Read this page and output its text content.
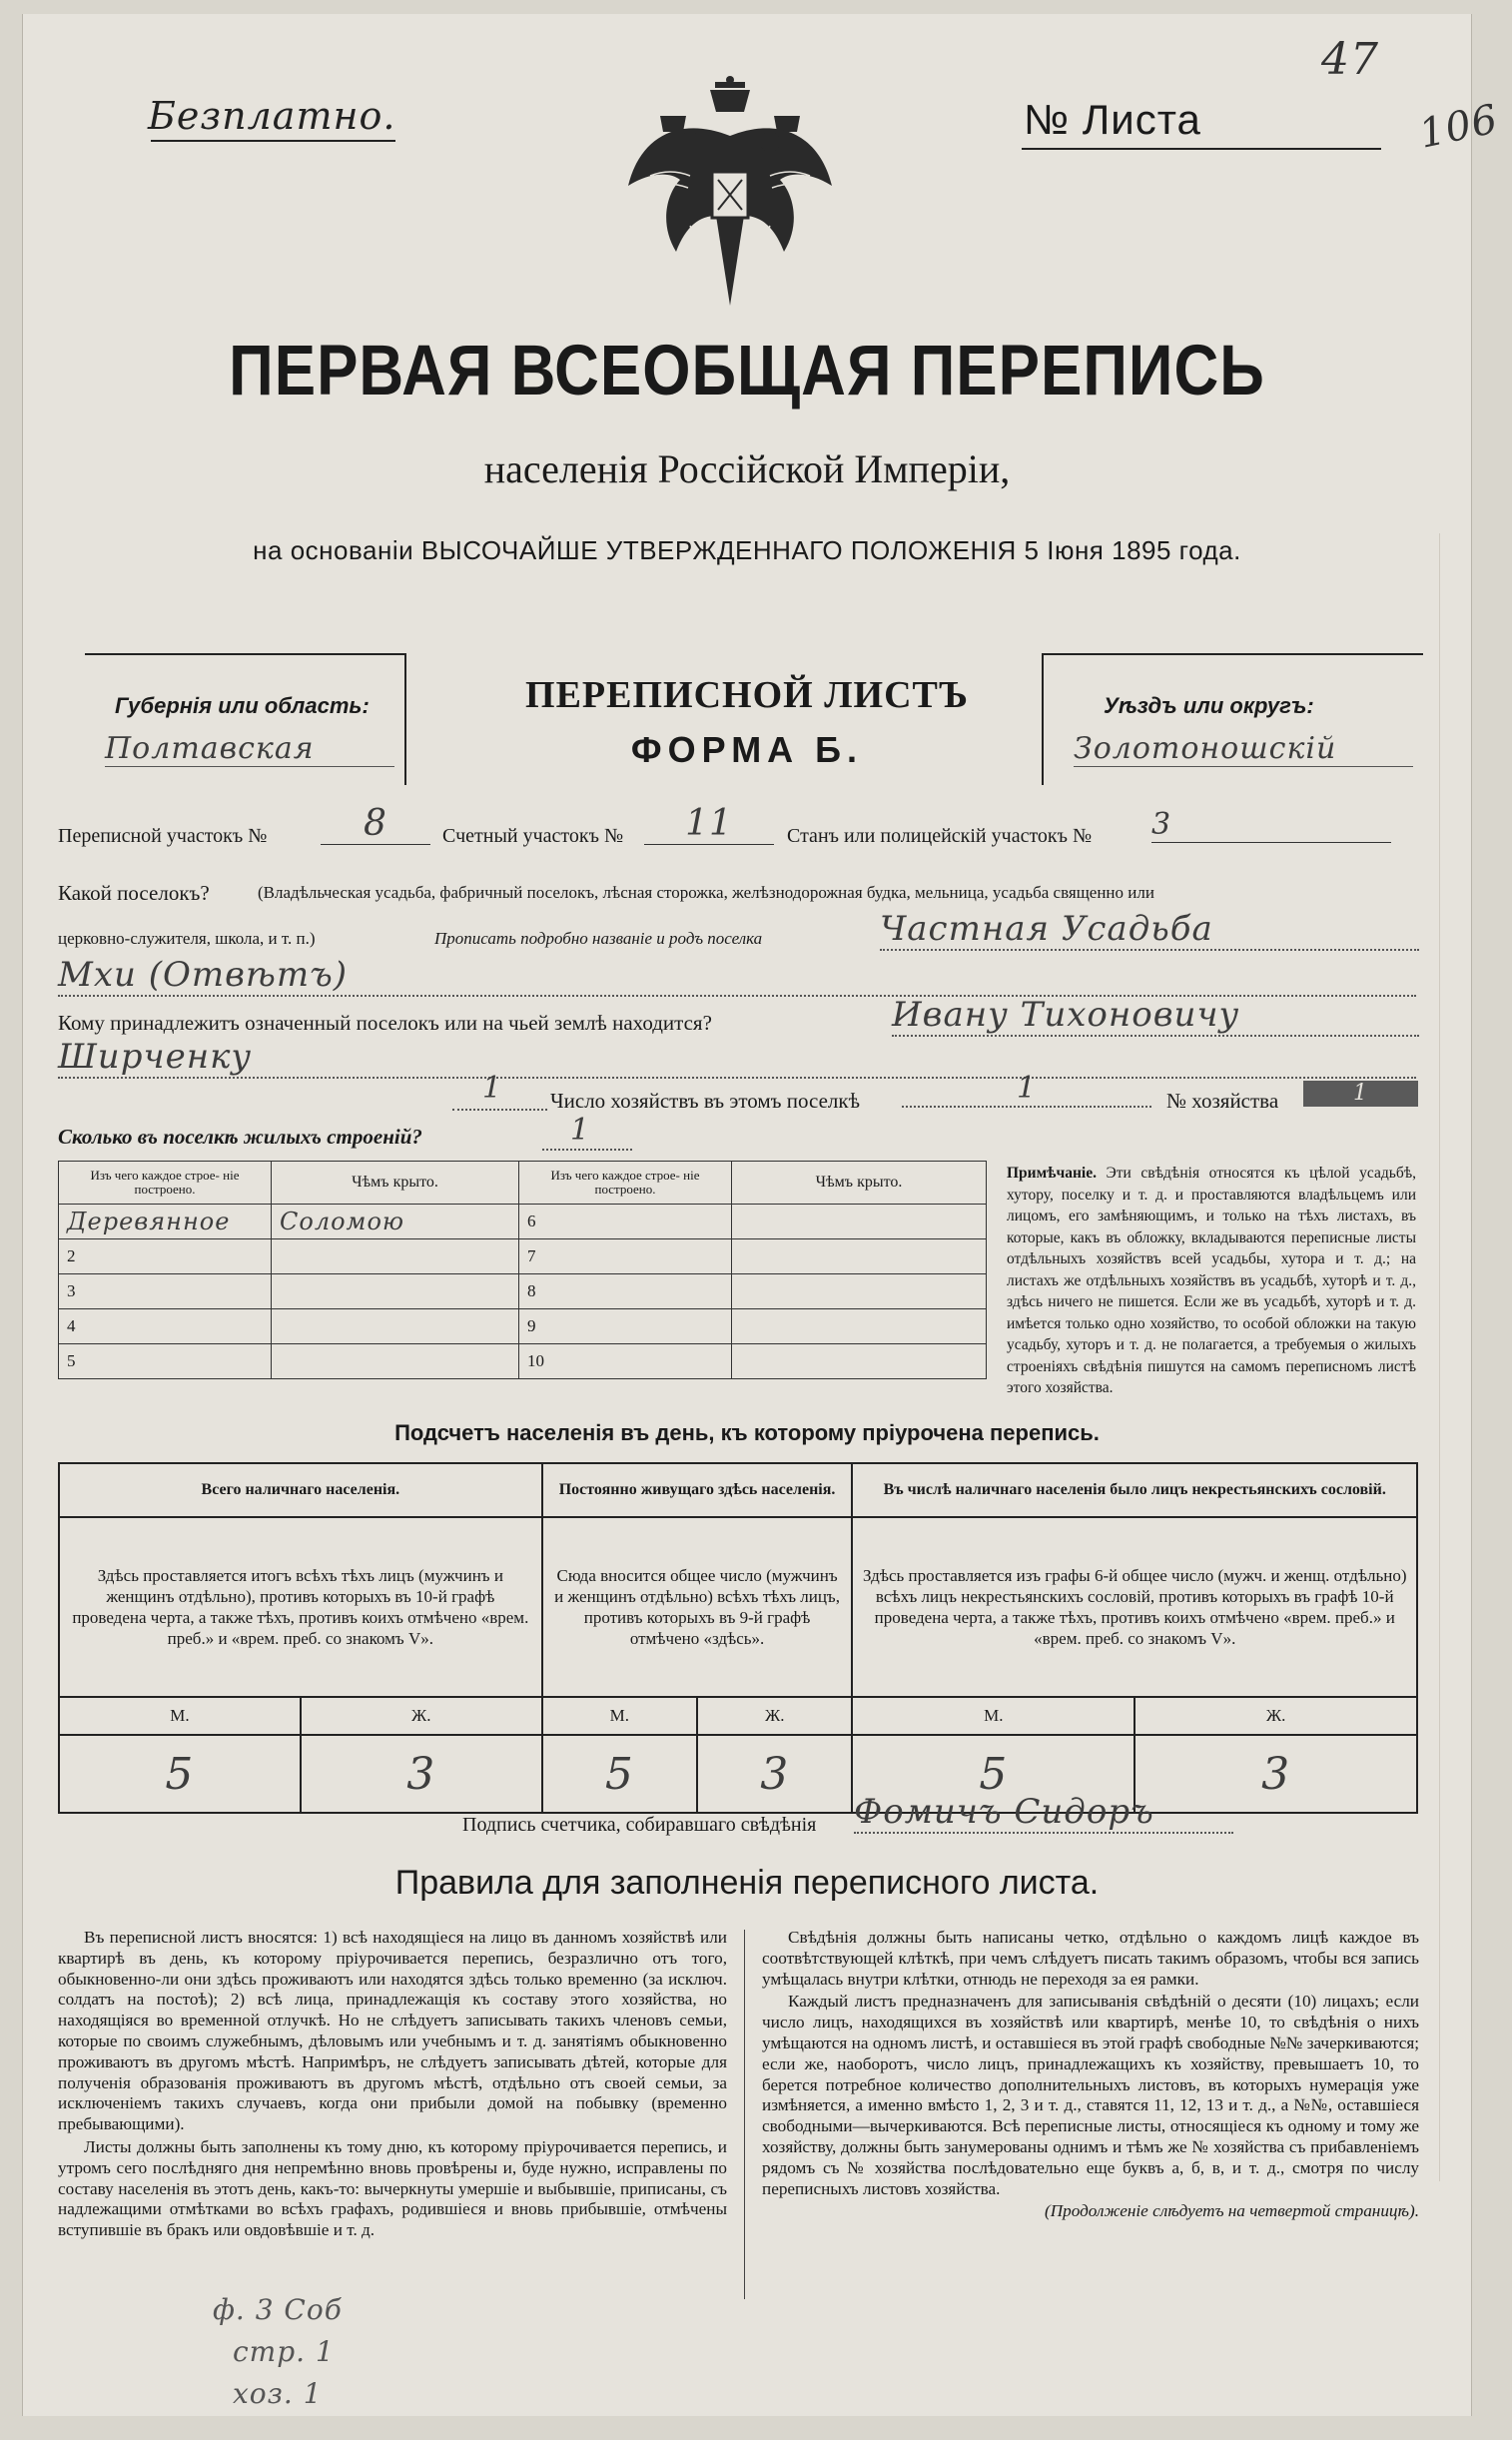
Безплатно.	№ Листа
47
106
ПЕРВАЯ ВСЕОБЩАЯ ПЕРЕПИСЬ
населенія Россійской Имперіи,
на основаніи ВЫСОЧАЙШЕ УТВЕРЖДЕННАГО ПОЛОЖЕНІЯ 5 Іюня 1895 года.
Губернія или область:
Полтавская
ПЕРЕПИСНОЙ ЛИСТЪ
ФОРМА Б.
Уѣздъ или округъ:
Золотоношскій
Переписной участокъ №	8	Счетный участокъ №	11	Станъ или полицейскій участокъ № 3
Какой поселокъ?	(Владѣльческая усадьба, фабричный поселокъ, лѣсная сторожка, желѣзнодорожная будка, мельница, усадьба священно или
церковно-служителя, школа, и т. п.)	Прописать подробно названіе и родъ поселка	Частная Усадьба
Мхи (Отвѣтъ)
Кому принадлежитъ означенный поселокъ или на чьей землѣ находится?	Ивану Тихоновичу
Ширченку
1 Число хозяйствъ въ этомъ поселкѣ	1	№ хозяйства	1
Сколько въ поселкѣ жилыхъ строеній?	1
Изъ чего каждое строе- ніе построено.	Чѣмъ крыто.	Изъ чего каждое строе- ніе построено.	Чѣмъ крыто.
Деревянное	Соломою	6	
2		7	
3		8	
4		9	
5		10	
Примѣчаніе. Эти свѣдѣнія относятся къ цѣлой усадьбѣ, хутору, поселку и т. д. и проставляются владѣльцемъ или лицомъ, его замѣняющимъ, и только на тѣхъ листахъ, въ которые, какъ въ обложку, вкладываются переписные листы отдѣльныхъ хозяйствъ всей усадьбы, хутора и т. д.; на листахъ же отдѣльныхъ хозяйствъ въ усадьбѣ, хуторѣ и т. д., здѣсь ничего не пишется. Если же въ усадьбѣ, хуторѣ и т. д. имѣется только одно хозяйство, то особой обложки на такую усадьбу, хуторъ и т. д. не полагается, а требуемыя о жилыхъ строеніяхъ свѣдѣнія пишутся на самомъ переписномъ листѣ этого хозяйства.
Подсчетъ населенія въ день, къ которому пріурочена перепись.
Всего наличнаго населенія.		Постоянно живущаго здѣсь населенія.		Въ числѣ наличнаго населенія было лицъ некрестьянскихъ сословій.	
Здѣсь проставляется итогъ всѣхъ тѣхъ лицъ (мужчинъ и женщинъ отдѣльно), противъ которыхъ въ 10-й графѣ проведена черта, а также тѣхъ, противъ коихъ отмѣчено «врем. преб.» и «врем. преб. со знакомъ V».		Сюда вносится общее число (мужчинъ и женщинъ отдѣльно) всѣхъ тѣхъ лицъ, противъ которыхъ въ 9-й графѣ отмѣчено «здѣсь».		Здѣсь проставляется изъ графы 6-й общее число (мужч. и женщ. отдѣльно) всѣхъ лицъ некрестьянскихъ сословій, противъ которыхъ въ графѣ 10-й проведена черта, а также тѣхъ, противъ коихъ отмѣчено «врем. преб.» и «врем. преб. со знакомъ V».	
М.	Ж.	М.	Ж.	М.	Ж.
5	3	5	3	5	3
Подпись счетчика, собиравшаго свѣдѣнія Фомичъ Сидоръ
Правила для заполненія переписного листа.

Въ переписной листъ вносятся: 1) всѣ находящіеся на лицо въ данномъ хозяйствѣ или квартирѣ въ день, къ которому пріурочивается перепись, безразлично отъ того, обыкновенно-ли они здѣсь проживаютъ или находятся здѣсь только временно (за исключ. солдатъ на постоѣ); 2) всѣ лица, принадлежащія къ составу этого хозяйства, но находящіяся во временной отлучкѣ. Но не слѣдуетъ записывать такихъ членовъ семьи, которые по своимъ служебнымъ, дѣловымъ или учебнымъ и т. д. занятіямъ обыкновенно проживаютъ въ другомъ мѣстѣ. Напримѣръ, не слѣдуетъ записывать дѣтей, которые для полученія образованія проживаютъ въ другомъ мѣстѣ, отдѣльно отъ своей семьи, за исключеніемъ такихъ случаевъ, когда они прибыли домой на побывку (временно пребывающими).

Листы должны быть заполнены къ тому дню, къ которому пріурочивается перепись, и утромъ сего послѣдняго дня непремѣнно вновь провѣрены и, буде нужно, исправлены по составу населенія въ этотъ день, какъ-то: вычеркнуты умершіе и выбывшіе, приписаны, съ надлежащими отмѣтками во всѣхъ графахъ, родившіеся и вновь прибывшіе, отмѣчены вступившіе въ бракъ или овдовѣвшіе и т. д.

Свѣдѣнія должны быть написаны четко, отдѣльно о каждомъ лицѣ каждое въ соотвѣтствующей клѣткѣ, при чемъ слѣдуетъ писать такимъ образомъ, чтобы вся запись умѣщалась внутри клѣтки, отнюдь не переходя за ея рамки.

Каждый листъ предназначенъ для записыванія свѣдѣній о десяти (10) лицахъ; если число лицъ, находящихся въ хозяйствѣ или квартирѣ, менѣе 10, то свѣдѣнія о нихъ умѣщаются на одномъ листѣ, и оставшіеся въ этой графѣ свободные №№ зачеркиваются; если же, наоборотъ, число лицъ, принадлежащихъ къ хозяйству, превышаетъ 10, то берется потребное количество дополнительныхъ листовъ, въ которыхъ нумерація уже измѣняется, а именно вмѣсто 1, 2, 3 и т. д., ставятся 11, 12, 13 и т. д., а №№, оставшіеся свободными—вычеркиваются. Всѣ переписные листы, относящіеся къ одному и тому же хозяйству, должны быть занумерованы однимъ и тѣмъ же № хозяйства съ прибавленіемъ рядомъ съ № хозяйства послѣдовательно еще буквъ а, б, в, и т. д., смотря по числу переписныхъ листовъ хозяйства.

(Продолженіе слѣдуетъ на четвертой страницѣ).

ф. 3 Соб
стр. 1
хоз. 1
